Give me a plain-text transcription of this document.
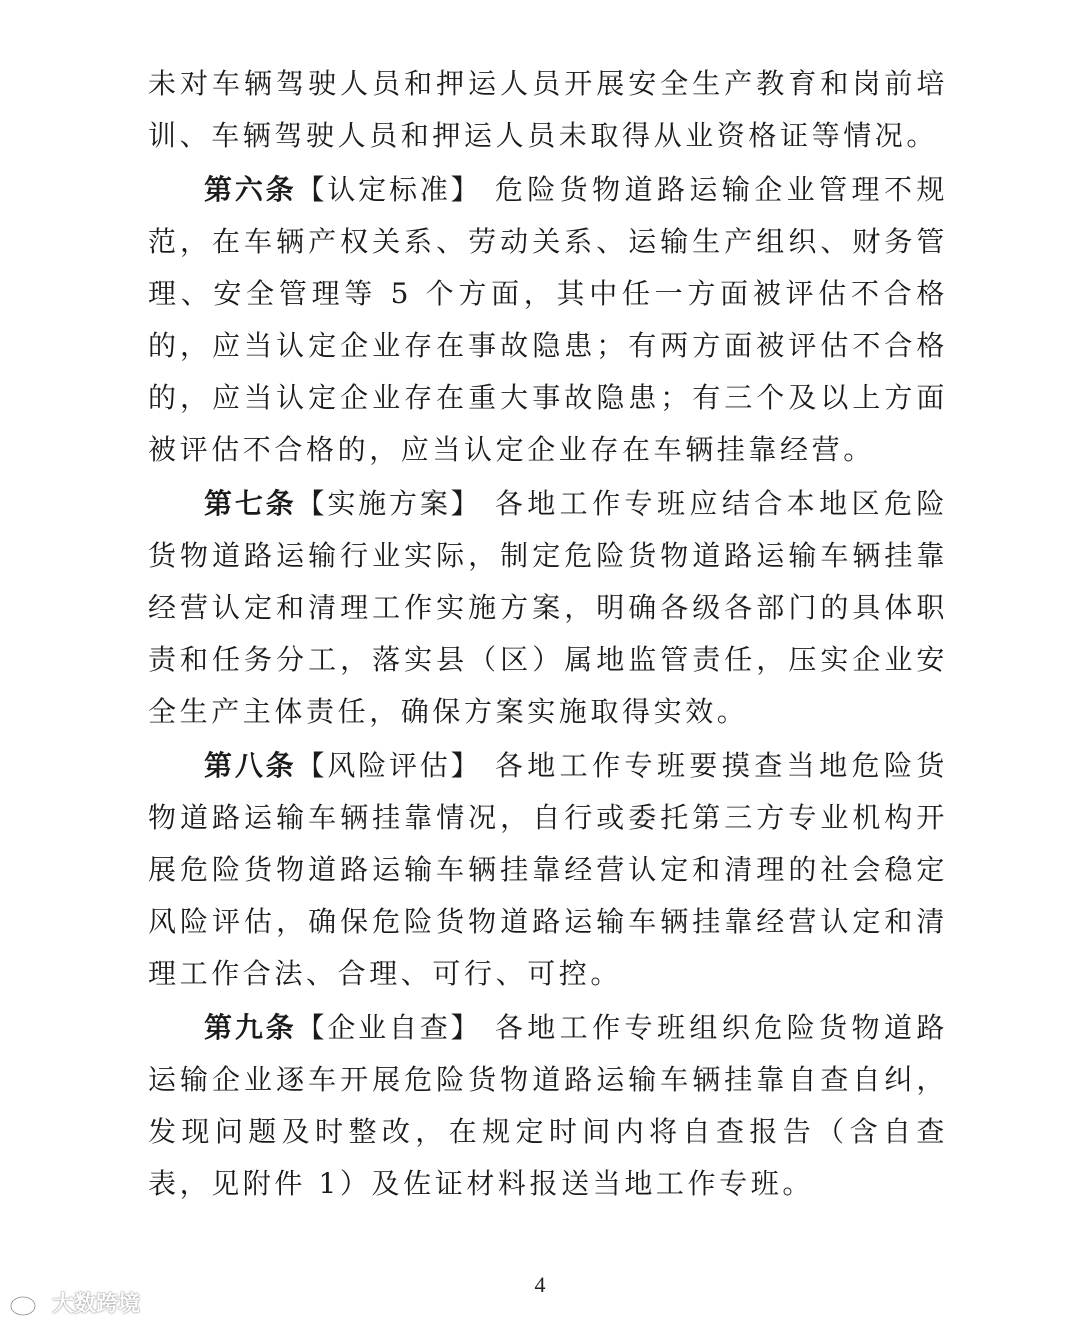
未对车辆驾驶人员和押运人员开展安全生产教育和岗前培训、车辆驾驶人员和押运人员未取得从业资格证等情况。

第六条【认定标准】 危险货物道路运输企业管理不规范，在车辆产权关系、劳动关系、运输生产组织、财务管理、安全管理等 5 个方面，其中任一方面被评估不合格的，应当认定企业存在事故隐患；有两方面被评估不合格的，应当认定企业存在重大事故隐患；有三个及以上方面被评估不合格的，应当认定企业存在车辆挂靠经营。

第七条【实施方案】 各地工作专班应结合本地区危险货物道路运输行业实际，制定危险货物道路运输车辆挂靠经营认定和清理工作实施方案，明确各级各部门的具体职责和任务分工，落实县（区）属地监管责任，压实企业安全生产主体责任，确保方案实施取得实效。

第八条【风险评估】 各地工作专班要摸查当地危险货物道路运输车辆挂靠情况，自行或委托第三方专业机构开展危险货物道路运输车辆挂靠经营认定和清理的社会稳定风险评估，确保危险货物道路运输车辆挂靠经营认定和清理工作合法、合理、可行、可控。

第九条【企业自查】 各地工作专班组织危险货物道路运输企业逐车开展危险货物道路运输车辆挂靠自查自纠，发现问题及时整改，在规定时间内将自查报告（含自查表，见附件 1）及佐证材料报送当地工作专班。

4
大数跨境
